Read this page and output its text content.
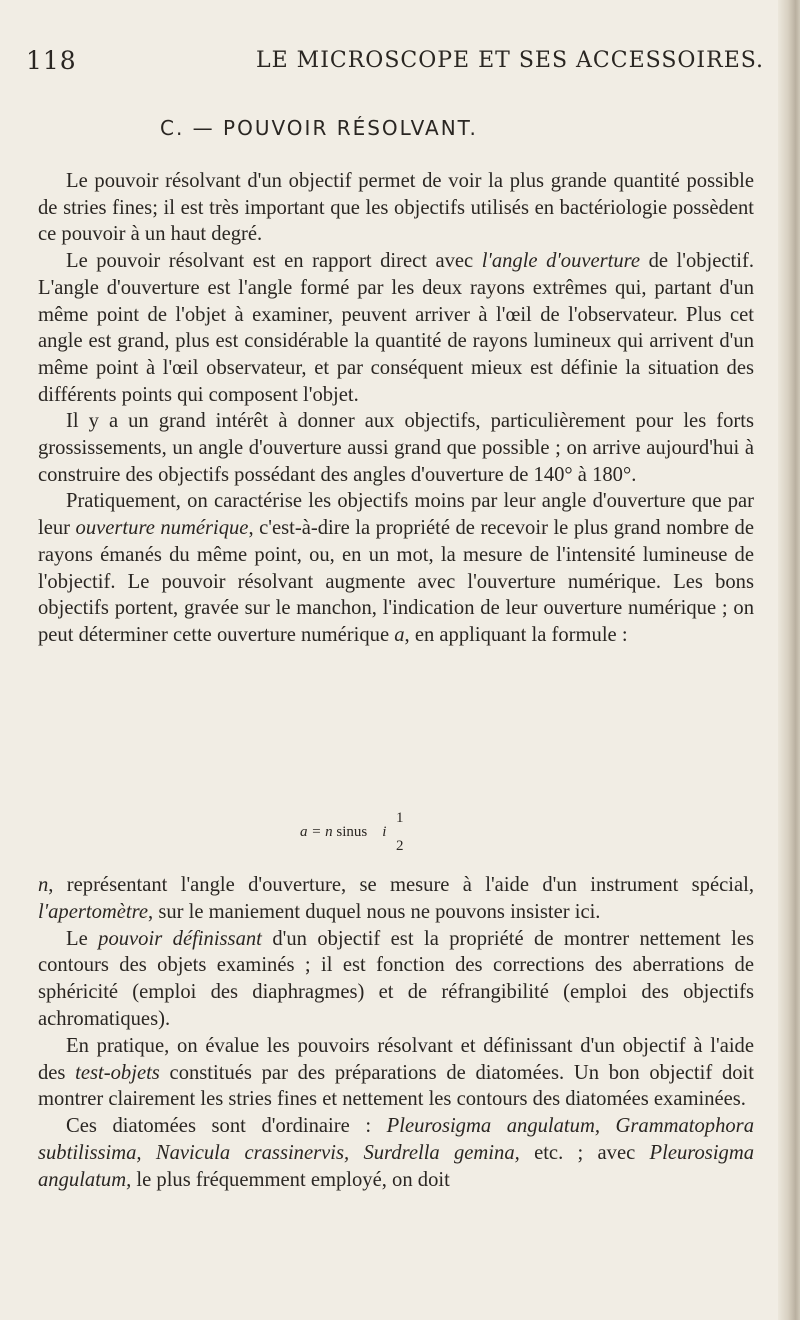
118	LE MICROSCOPE ET SES ACCESSOIRES.
C. — POUVOIR RÉSOLVANT.

Le pouvoir résolvant d'un objectif permet de voir la plus grande quantité possible de stries fines; il est très important que les objectifs utilisés en bactériologie possèdent ce pouvoir à un haut degré.

Le pouvoir résolvant est en rapport direct avec l'angle d'ouverture de l'objectif. L'angle d'ouverture est l'angle formé par les deux rayons extrêmes qui, partant d'un même point de l'objet à examiner, peuvent arriver à l'œil de l'observateur. Plus cet angle est grand, plus est considérable la quantité de rayons lumineux qui arrivent d'un même point à l'œil observateur, et par conséquent mieux est définie la situation des différents points qui composent l'objet.

Il y a un grand intérêt à donner aux objectifs, particulièrement pour les forts grossissements, un angle d'ouverture aussi grand que possible ; on arrive aujourd'hui à construire des objectifs possédant des angles d'ouverture de 140° à 180°.

Pratiquement, on caractérise les objectifs moins par leur angle d'ouverture que par leur ouverture numérique, c'est-à-dire la propriété de recevoir le plus grand nombre de rayons émanés du même point, ou, en un mot, la mesure de l'intensité lumineuse de l'objectif. Le pouvoir résolvant augmente avec l'ouverture numérique. Les bons objectifs portent, gravée sur le manchon, l'indication de leur ouverture numérique ; on peut déterminer cette ouverture numérique a, en appliquant la formule :

1
a = n sinus i
2

n, représentant l'angle d'ouverture, se mesure à l'aide d'un instrument spécial, l'apertomètre, sur le maniement duquel nous ne pouvons insister ici.

Le pouvoir définissant d'un objectif est la propriété de montrer nettement les contours des objets examinés ; il est fonction des corrections des aberrations de sphéricité (emploi des diaphragmes) et de réfrangibilité (emploi des objectifs achromatiques).

En pratique, on évalue les pouvoirs résolvant et définissant d'un objectif à l'aide des test-objets constitués par des préparations de diatomées. Un bon objectif doit montrer clairement les stries fines et nettement les contours des diatomées examinées.

Ces diatomées sont d'ordinaire : Pleurosigma angulatum, Grammatophora subtilissima, Navicula crassinervis, Surdrella gemina, etc. ; avec Pleurosigma angulatum, le plus fréquemment employé, on doit
